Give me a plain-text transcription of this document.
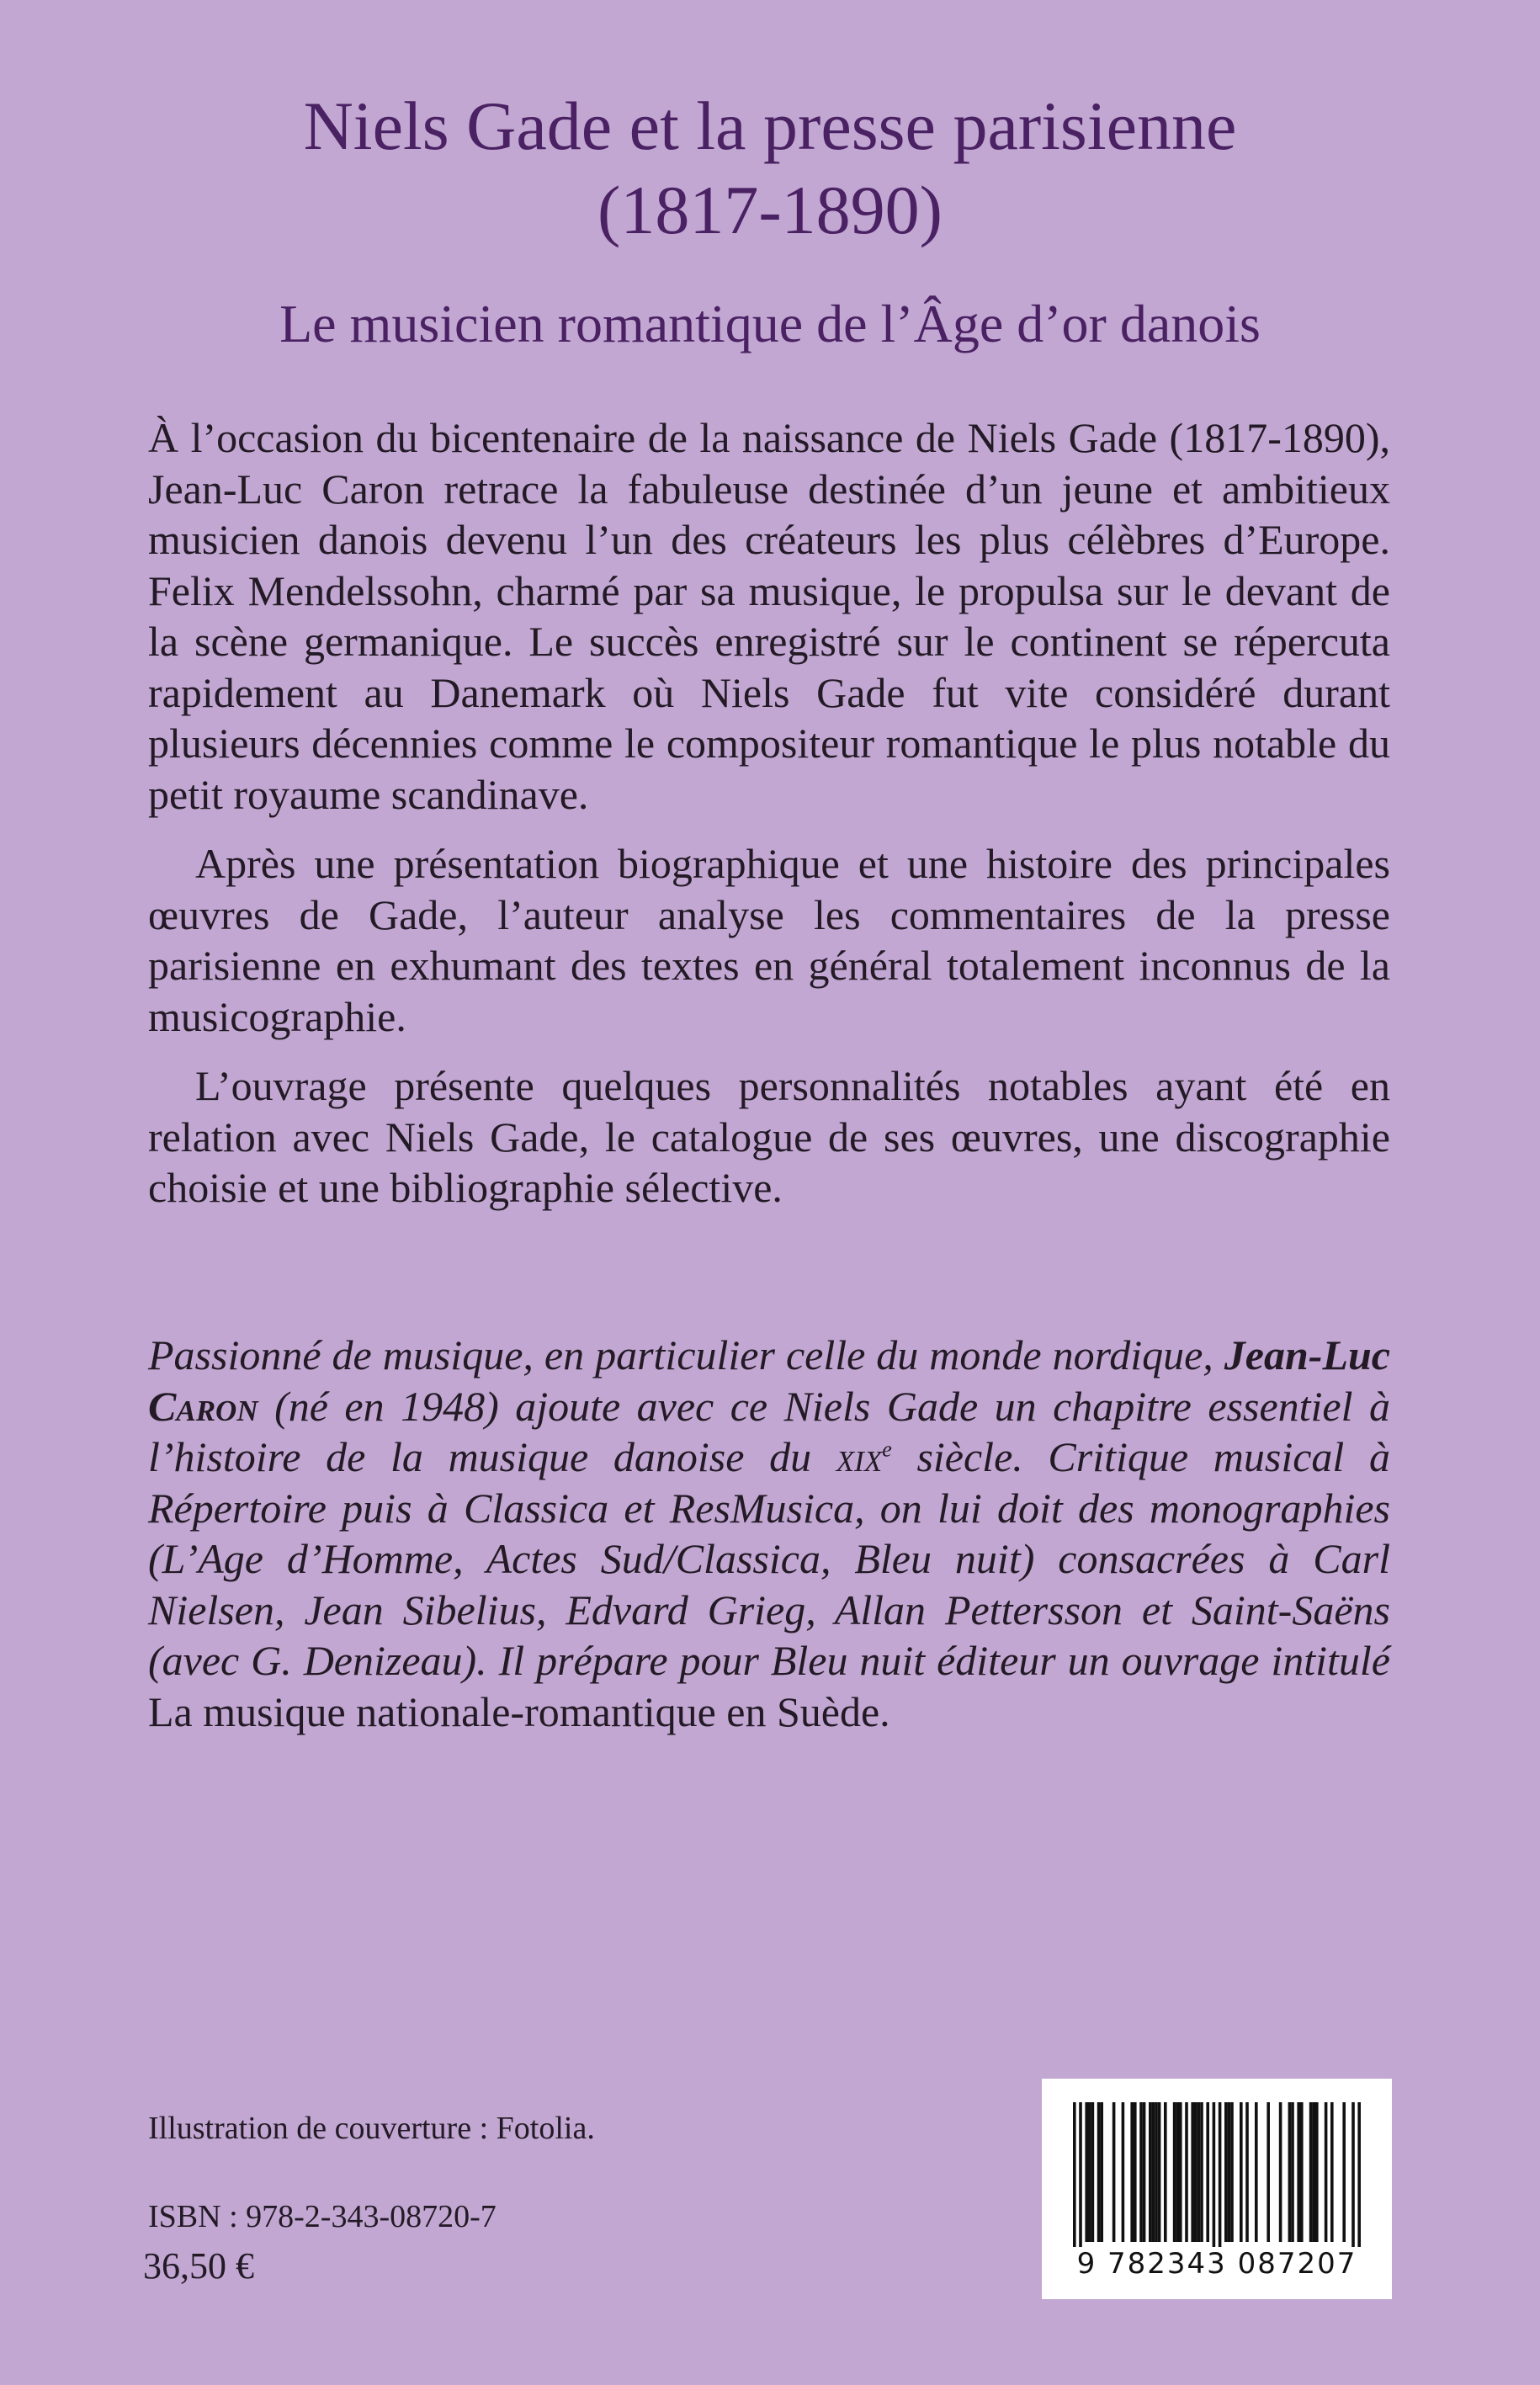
Niels Gade et la presse parisienne
(1817-1890)
Le musicien romantique de l’Âge d’or danois

À l’occasion du bicentenaire de la naissance de Niels Gade (1817-1890), Jean-Luc Caron retrace la fabuleuse destinée d’un jeune et ambitieux musicien danois devenu l’un des créateurs les plus célèbres d’Europe. Felix Mendelssohn, charmé par sa musique, le propulsa sur le devant de la scène germanique. Le succès enregistré sur le continent se répercuta rapidement au Danemark où Niels Gade fut vite considéré durant plusieurs décennies comme le compositeur romantique le plus notable du petit royaume scandinave.

Après une présentation biographique et une histoire des principales œuvres de Gade, l’auteur analyse les commentaires de la presse parisienne en exhumant des textes en général totalement inconnus de la musicographie.

L’ouvrage présente quelques personnalités notables ayant été en relation avec Niels Gade, le catalogue de ses œuvres, une discographie choisie et une bibliographie sélective.

Passionné de musique, en particulier celle du monde nordique, Jean-Luc Caron (né en 1948) ajoute avec ce Niels Gade un chapitre essentiel à l’histoire de la musique danoise du xix$^e$ siècle. Critique musical à Répertoire puis à Classica et ResMusica, on lui doit des monographies (L’Age d’Homme, Actes Sud/Classica, Bleu nuit) consacrées à Carl Nielsen, Jean Sibelius, Edvard Grieg, Allan Pettersson et Saint-Saëns (avec G. Denizeau). Il prépare pour Bleu nuit éditeur un ouvrage intitulé La musique nationale-romantique en Suède.

Illustration de couverture : Fotolia.

ISBN : 978-2-343-08720-7

36,50 €	9 782343 087207
